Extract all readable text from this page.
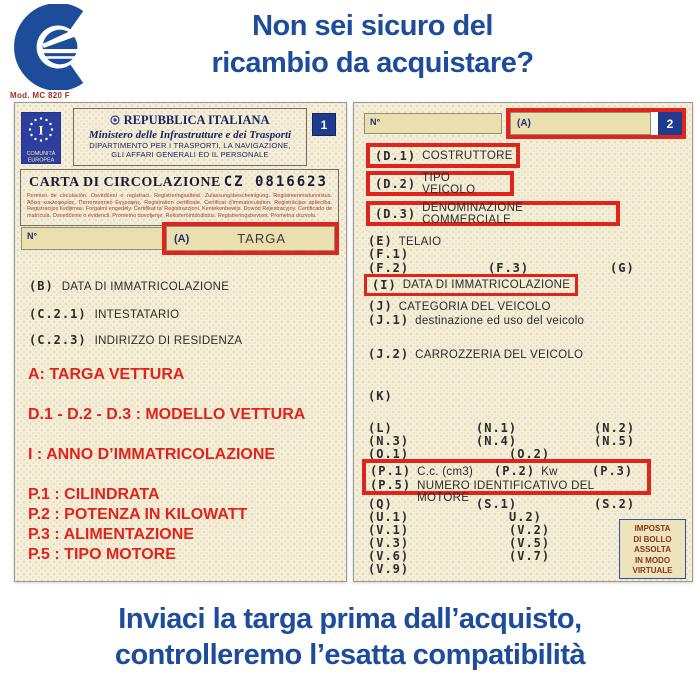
Non sei sicuro del
ricambio da acquistare?
Mod. MC 820 F
I
COMUNITÀ
EUROPEA
REPUBBLICA ITALIANA
Ministero delle Infrastrutture e dei Trasporti
DIPARTIMENTO PER I TRASPORTI, LA NAVIGAZIONE,
GLI AFFARI GENERALI ED IL PERSONALE
1
CARTA DI CIRCOLAZIONE CZ 0816623
Permiso de circulación. Osvědčení o registraci. Registreringsattest. Zulassungsbescheinigung. Registreerimistunnistus. Άδεια κυκλοφορίας. Πιστοποιητικό Εγγραφής. Registration certificate. Certificat d’immatriculation. Reģistrācijas apliecība. Registracijos liudijimas. Forgalmi engedély. Ċertifikat ta’ Reġistrazzjoni. Kentekenbewijs. Dowód Rejestracyjny. Certificado de matrícula. Osvedčenie o evidencii. Prometno dovoljenje. Rekisteröintitodistus. Registreringsbeviset. Prometna dozvola.
N°	(A)	TARGA
(B) DATA DI IMMATRICOLAZIONE
(C.2.1) INTESTATARIO
(C.2.3) INDIRIZZO DI RESIDENZA
A: TARGA VETTURA
D.1 - D.2 - D.3 : MODELLO VETTURA
I : ANNO D’IMMATRICOLAZIONE
P.1 : CILINDRATA
P.2 : POTENZA IN KILOWATT
P.3 : ALIMENTAZIONE
P.5 : TIPO MOTORE
N°	(A)	2
(D.1) COSTRUTTORE
(D.2) TIPO VEICOLO
(D.3) DENOMINAZIONE COMMERCIALE
(E) TELAIO
(F.1)
(F.2)	(F.3)	(G)
(I) DATA DI IMMATRICOLAZIONE
(J) CATEGORIA DEL VEICOLO
(J.1) destinazione ed uso del veicolo
(J.2) CARROZZERIA DEL VEICOLO
(K)
(L)	(N.1)	(N.2)
(N.3)	(N.4)	(N.5)
(O.1)	(O.2)
(P.1) C.c. (cm3) (P.2) Kw	(P.3)
(P.5) NUMERO IDENTIFICATIVO DEL MOTORE
(Q)	(S.1)	(S.2)
(U.1)	U.2)
(V.1)	(V.2)
(V.3)	(V.5)
(V.6)	(V.7)
(V.9)
IMPOSTA
DI BOLLO
ASSOLTA
IN MODO
VIRTUALE
Inviaci la targa prima dall’acquisto,
controlleremo l’esatta compatibilità
